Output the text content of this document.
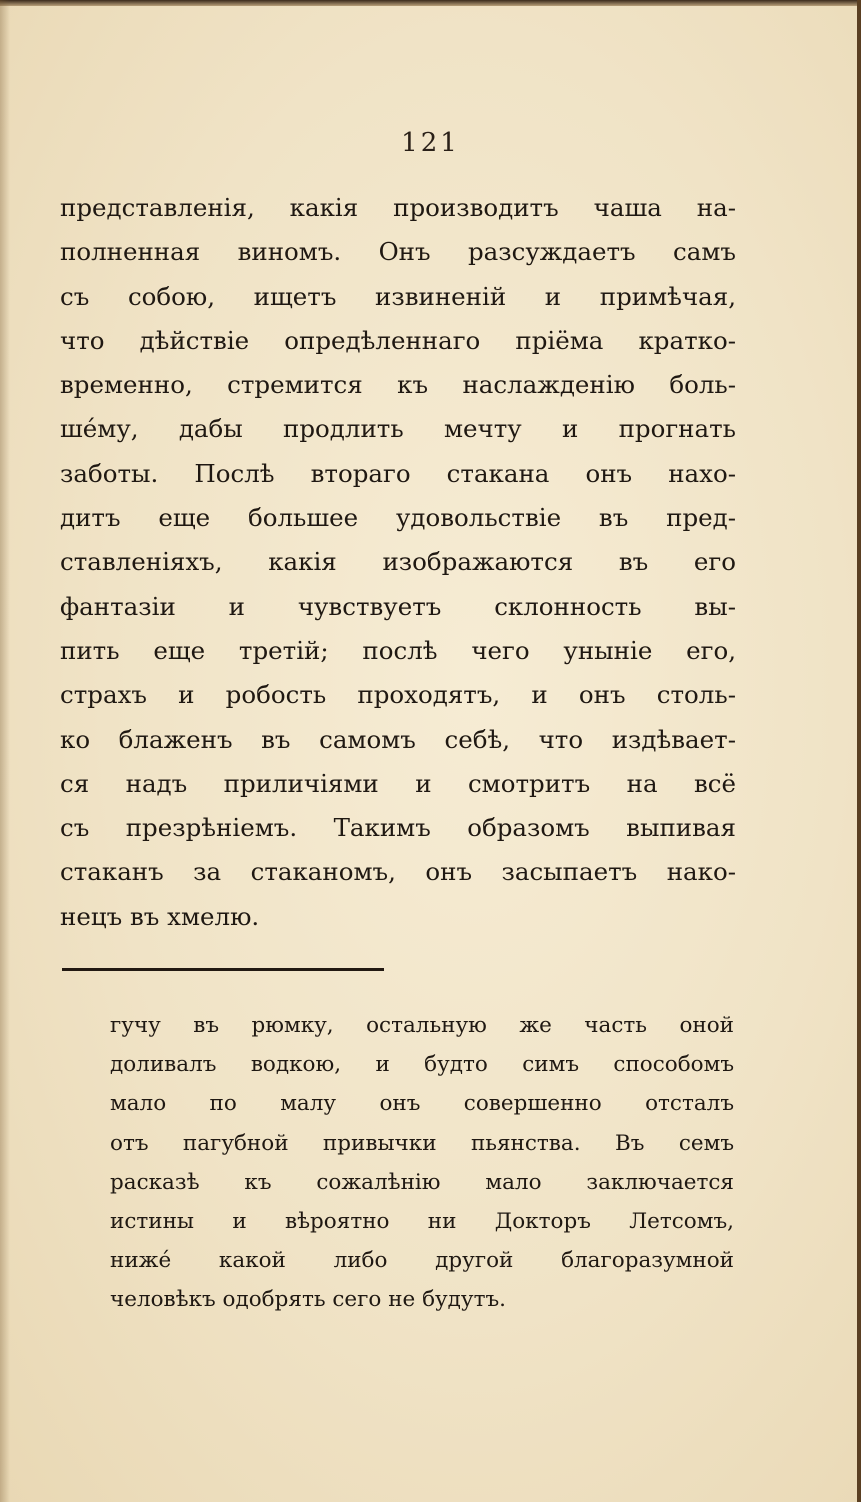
121
представленія, какія производитъ чаша на-
полненная виномъ. Онъ разсуждаетъ самъ
съ собою, ищетъ извиненій и примѣчая,
что дѣйствіе опредѣленнаго пріёма кратко-
временно, стремится къ наслажденію боль-
шéму, дабы продлить мечту и прогнать
заботы. Послѣ втораго стакана онъ нахо-
дитъ еще большее удовольствіе въ пред-
ставленіяхъ, какія изображаются въ его
фантазіи и чувствуетъ склонность вы-
пить еще третій; послѣ чего уныніе его,
страхъ и робость проходятъ, и онъ столь-
ко блаженъ въ самомъ себѣ, что издѣвает-
ся надъ приличіями и смотритъ на всё
съ презрѣніемъ. Такимъ образомъ выпивая
стаканъ за стаканомъ, онъ засыпаетъ нако-
нецъ въ хмелю.
гучу въ рюмку, остальную же часть оной
доливалъ водкою, и будто симъ способомъ
мало по малу онъ совершенно отсталъ
отъ пагубной привычки пьянства. Въ семъ
расказѣ къ сожалѣнію мало заключается
истины и вѣроятно ни Докторъ Летсомъ,
нижé какой либо другой благоразумной
человѣкъ одобрять сего не будутъ.
